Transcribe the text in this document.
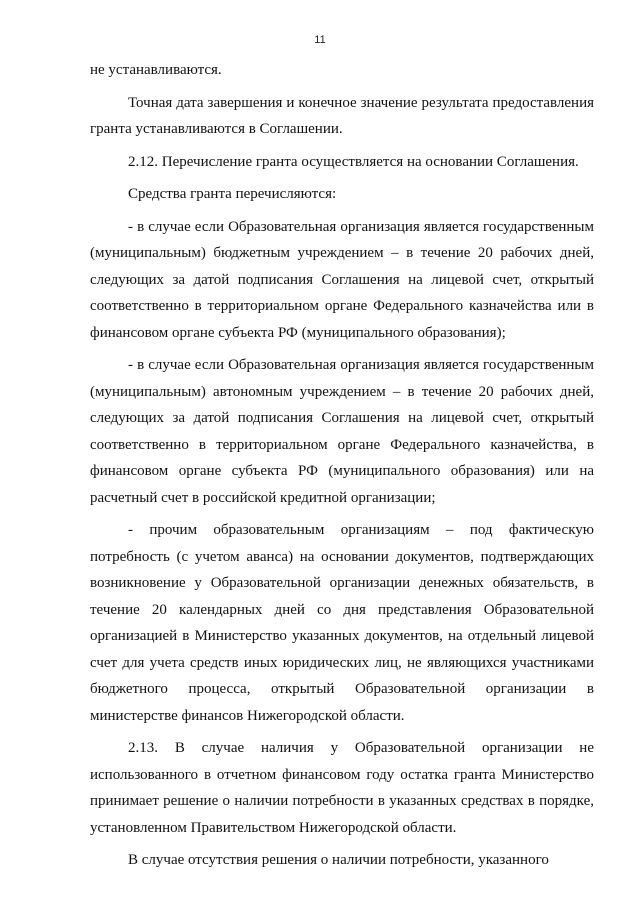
11

не устанавливаются.

Точная дата завершения и конечное значение результата предоставления гранта устанавливаются в Соглашении.

2.12. Перечисление гранта осуществляется на основании Соглашения.

Средства гранта перечисляются:

- в случае если Образовательная организация является государственным (муниципальным) бюджетным учреждением – в течение 20 рабочих дней, следующих за датой подписания Соглашения на лицевой счет, открытый соответственно в территориальном органе Федерального казначейства или в финансовом органе субъекта РФ (муниципального образования);

- в случае если Образовательная организация является государственным (муниципальным) автономным учреждением – в течение 20 рабочих дней, следующих за датой подписания Соглашения на лицевой счет, открытый соответственно в территориальном органе Федерального казначейства, в финансовом органе субъекта РФ (муниципального образования) или на расчетный счет в российской кредитной организации;

- прочим образовательным организациям – под фактическую потребность (с учетом аванса) на основании документов, подтверждающих возникновение у Образовательной организации денежных обязательств, в течение 20 календарных дней со дня представления Образовательной организацией в Министерство указанных документов, на отдельный лицевой счет для учета средств иных юридических лиц, не являющихся участниками бюджетного процесса, открытый Образовательной организации в министерстве финансов Нижегородской области.

2.13. В случае наличия у Образовательной организации не использованного в отчетном финансовом году остатка гранта Министерство принимает решение о наличии потребности в указанных средствах в порядке, установленном Правительством Нижегородской области.

В случае отсутствия решения о наличии потребности, указанного
